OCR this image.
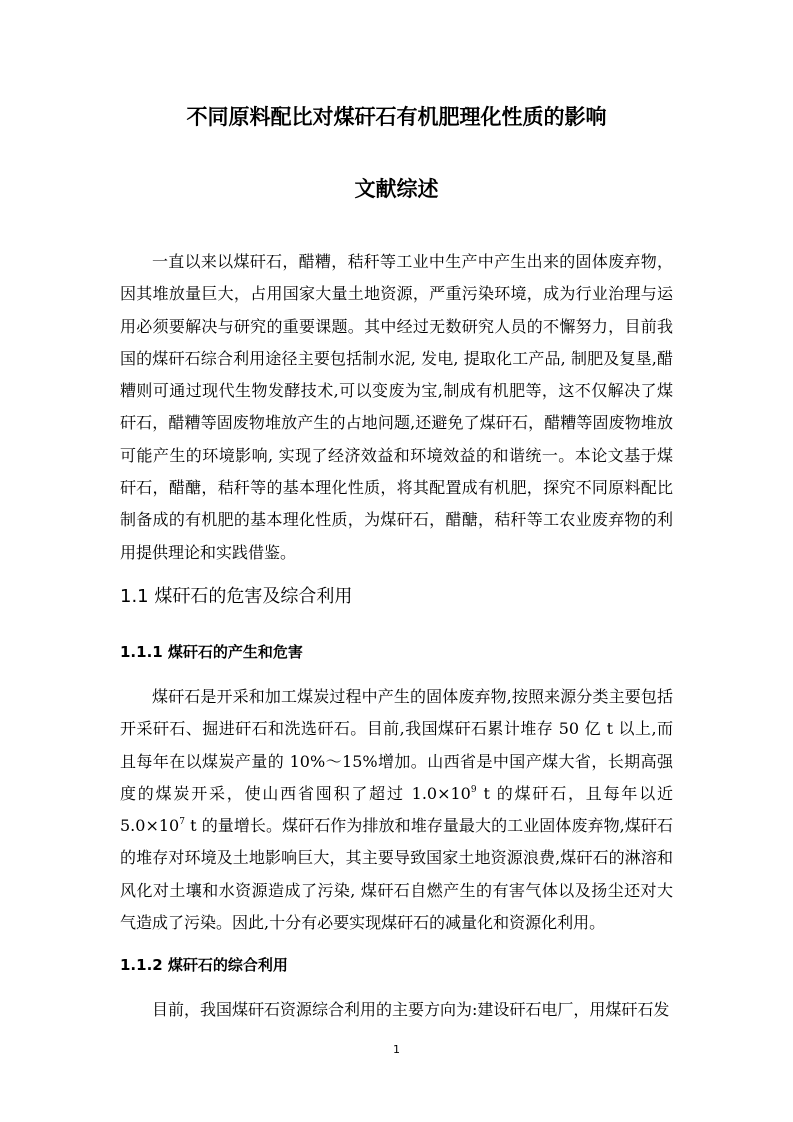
不同原料配比对煤矸石有机肥理化性质的影响
文献综述

一直以来以煤矸石，醋糟，秸秆等工业中生产中产生出来的固体废弃物，因其堆放量巨大，占用国家大量土地资源，严重污染环境，成为行业治理与运用必须要解决与研究的重要课题。其中经过无数研究人员的不懈努力，目前我国的煤矸石综合利用途径主要包括制水泥, 发电, 提取化工产品, 制肥及复垦,醋糟则可通过现代生物发酵技术,可以变废为宝,制成有机肥等，这不仅解决了煤矸石，醋糟等固废物堆放产生的占地问题,还避免了煤矸石，醋糟等固废物堆放可能产生的环境影响, 实现了经济效益和环境效益的和谐统一。本论文基于煤矸石，醋醣，秸秆等的基本理化性质，将其配置成有机肥，探究不同原料配比制备成的有机肥的基本理化性质，为煤矸石，醋醣，秸秆等工农业废弃物的利用提供理论和实践借鉴。

1.1 煤矸石的危害及综合利用
1.1.1 煤矸石的产生和危害

煤矸石是开采和加工煤炭过程中产生的固体废弃物,按照来源分类主要包括开采矸石、掘进矸石和洗选矸石。目前,我国煤矸石累计堆存 50 亿 t 以上,而且每年在以煤炭产量的 10%～15%增加。山西省是中国产煤大省，长期高强度的煤炭开采，使山西省囤积了超过 $1.0\times 10^9$ t 的煤矸石，且每年以近 $5.0\times 10^7$ t 的量增长。煤矸石作为排放和堆存量最大的工业固体废弃物,煤矸石的堆存对环境及土地影响巨大，其主要导致国家土地资源浪费,煤矸石的淋溶和风化对土壤和水资源造成了污染, 煤矸石自燃产生的有害气体以及扬尘还对大气造成了污染。因此,十分有必要实现煤矸石的减量化和资源化利用。

1.1.2 煤矸石的综合利用

目前，我国煤矸石资源综合利用的主要方向为:建设矸石电厂，用煤矸石发

1
